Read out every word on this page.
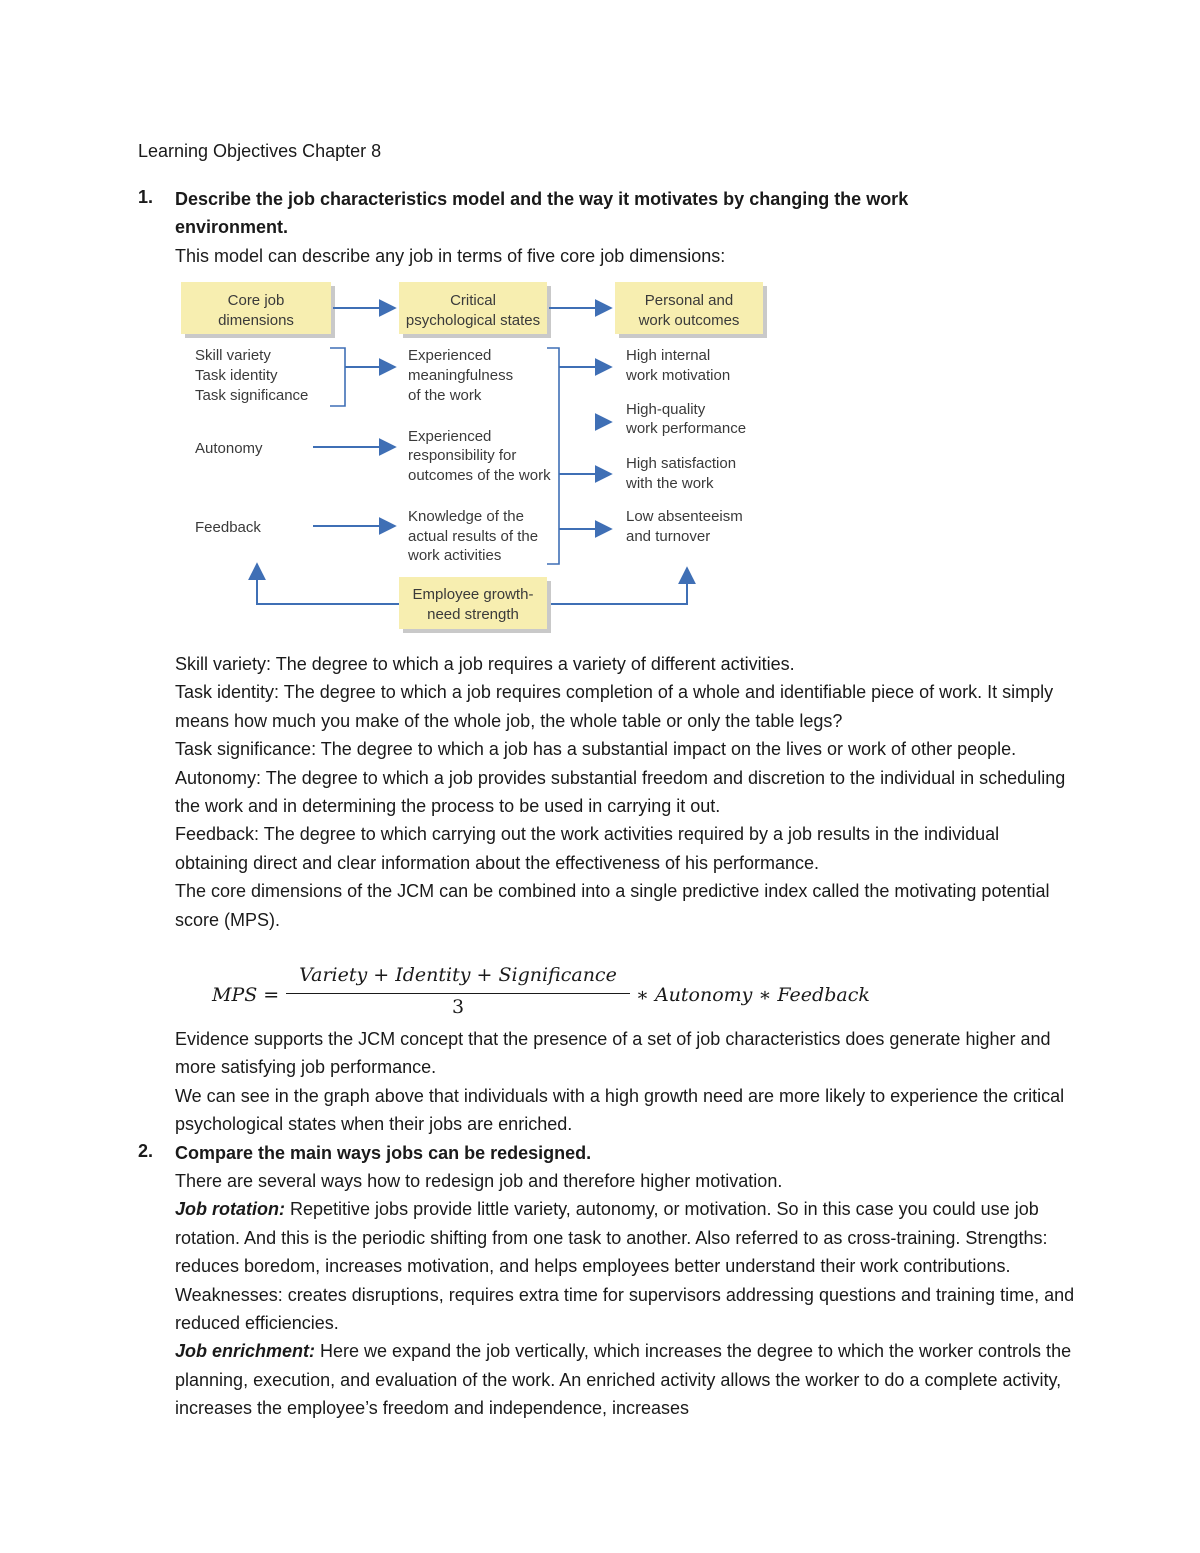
Learning Objectives Chapter 8
1. Describe the job characteristics model and the way it motivates by changing the work
environment.
This model can describe any job in terms of five core job dimensions:
Core job
dimensions
Critical
psychological states
Personal and
work outcomes
Skill variety
Task identity
Task significance
Autonomy
Feedback
Experienced
meaningfulness
of the work
Experienced
responsibility for
outcomes of the work
Knowledge of the
actual results of the
work activities
High internal
work motivation
High-quality
work performance
High satisfaction
with the work
Low absenteeism
and turnover
Employee growth-
need strength

Skill variety: The degree to which a job requires a variety of different activities.

Task identity: The degree to which a job requires completion of a whole and identifiable piece of work. It simply means how much you make of the whole job, the whole table or only the table legs?

Task significance: The degree to which a job has a substantial impact on the lives or work of other people.

Autonomy: The degree to which a job provides substantial freedom and discretion to the individual in scheduling the work and in determining the process to be used in carrying it out.

Feedback: The degree to which carrying out the work activities required by a job results in the individual obtaining direct and clear information about the effectiveness of his performance.

The core dimensions of the JCM can be combined into a single predictive index called the motivating potential score (MPS).

MPS =
Variety + Identity + Significance
3
∗ Autonomy ∗ Feedback

Evidence supports the JCM concept that the presence of a set of job characteristics does generate higher and more satisfying job performance.

We can see in the graph above that individuals with a high growth need are more likely to experience the critical psychological states when their jobs are enriched.

2. Compare the main ways jobs can be redesigned.

There are several ways how to redesign job and therefore higher motivation.

Job rotation: Repetitive jobs provide little variety, autonomy, or motivation. So in this case you could use job rotation. And this is the periodic shifting from one task to another. Also referred to as cross-training. Strengths: reduces boredom, increases motivation, and helps employees better understand their work contributions. Weaknesses: creates disruptions, requires extra time for supervisors addressing questions and training time, and reduced efficiencies.

Job enrichment: Here we expand the job vertically, which increases the degree to which the worker controls the planning, execution, and evaluation of the work. An enriched activity allows the worker to do a complete activity, increases the employee’s freedom and independence, increases
